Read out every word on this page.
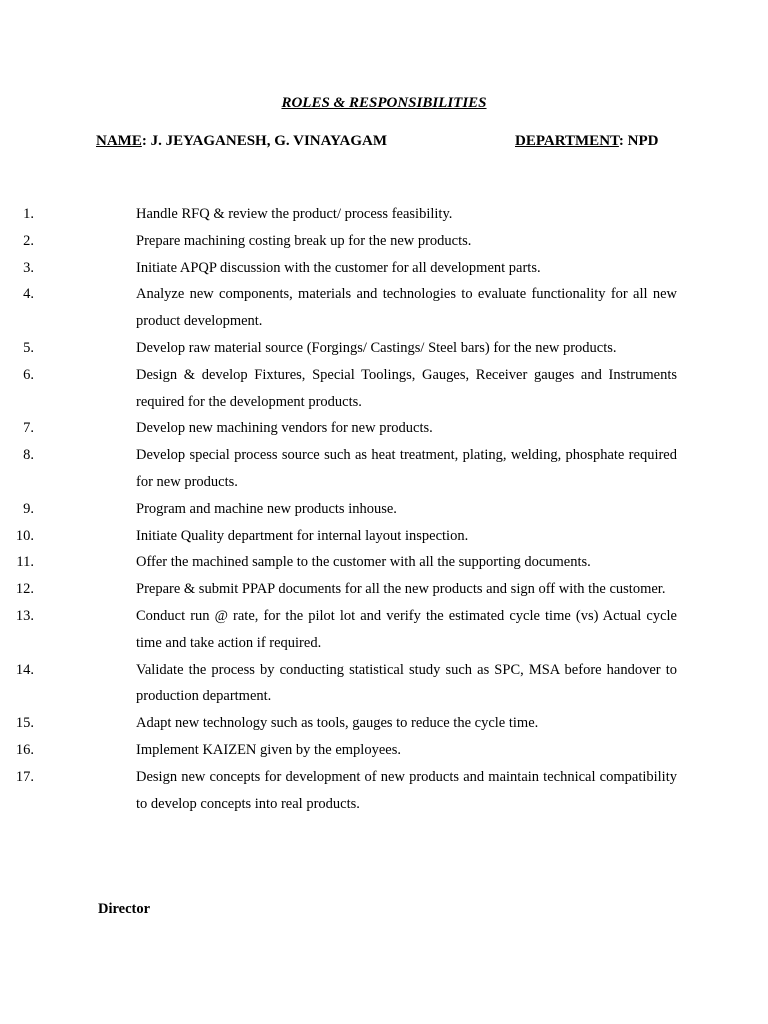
ROLES & RESPONSIBILITIES
NAME: J. JEYAGANESH, G. VINAYAGAM	DEPARTMENT: NPD
1.	Handle RFQ & review the product/ process feasibility.
2.	Prepare machining costing break up for the new products.
3.	Initiate APQP discussion with the customer for all development parts.
4.	Analyze new components, materials and technologies to evaluate functionality for all new product development.
5.	Develop raw material source (Forgings/ Castings/ Steel bars) for the new products.
6.	Design & develop Fixtures, Special Toolings, Gauges, Receiver gauges and Instruments required for the development products.
7.	Develop new machining vendors for new products.
8.	Develop special process source such as heat treatment, plating, welding, phosphate required for new products.
9.	Program and machine new products inhouse.
10.	Initiate Quality department for internal layout inspection.
11.	Offer the machined sample to the customer with all the supporting documents.
12.	Prepare & submit PPAP documents for all the new products and sign off with the customer.
13.	Conduct run @ rate, for the pilot lot and verify the estimated cycle time (vs) Actual cycle time and take action if required.
14.	Validate the process by conducting statistical study such as SPC, MSA before handover to production department.
15.	Adapt new technology such as tools, gauges to reduce the cycle time.
16.	Implement KAIZEN given by the employees.
17.	Design new concepts for development of new products and maintain technical compatibility to develop concepts into real products.
Director
